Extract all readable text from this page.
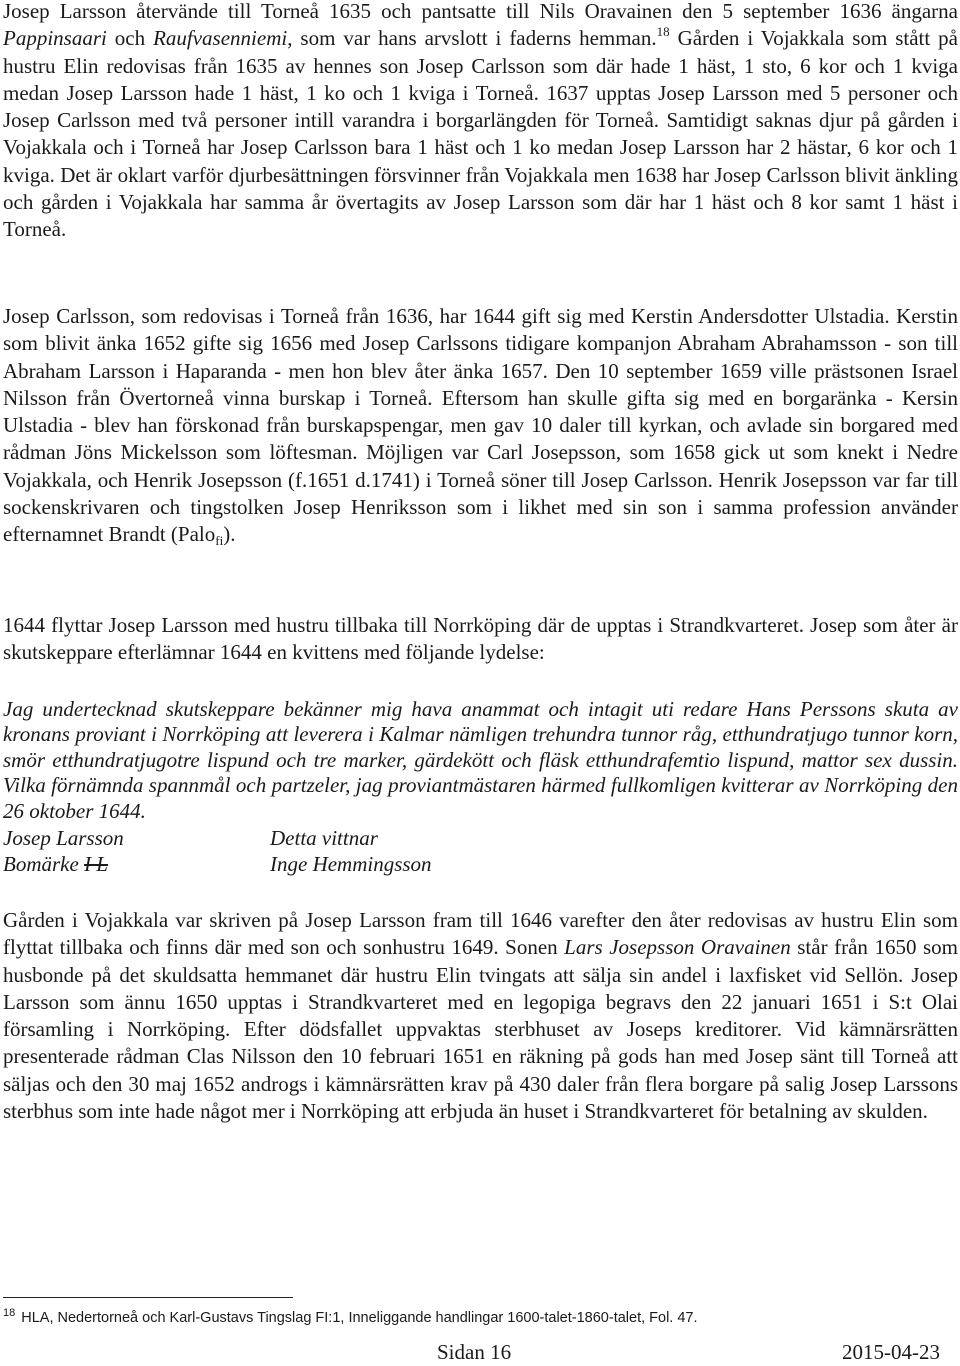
Josep Larsson återvände till Torneå 1635 och pantsatte till Nils Oravainen den 5 september 1636 ängarna Pappinsaari och Raufvasenniemi, som var hans arvslott i faderns hemman.$^{18}$ Gården i Vojakkala som stått på hustru Elin redovisas från 1635 av hennes son Josep Carlsson som där hade 1 häst, 1 sto, 6 kor och 1 kviga medan Josep Larsson hade 1 häst, 1 ko och 1 kviga i Torneå. 1637 upptas Josep Larsson med 5 personer och Josep Carlsson med två personer intill varandra i borgarlängden för Torneå. Samtidigt saknas djur på gården i Vojakkala och i Torneå har Josep Carlsson bara 1 häst och 1 ko medan Josep Larsson har 2 hästar, 6 kor och 1 kviga. Det är oklart varför djurbesättningen försvinner från Vojakkala men 1638 har Josep Carlsson blivit änkling och gården i Vojakkala har samma år övertagits av Josep Larsson som där har 1 häst och 8 kor samt 1 häst i Torneå.

Josep Carlsson, som redovisas i Torneå från 1636, har 1644 gift sig med Kerstin Andersdotter Ulstadia. Kerstin som blivit änka 1652 gifte sig 1656 med Josep Carlssons tidigare kompanjon Abraham Abrahamsson - son till Abraham Larsson i Haparanda - men hon blev åter änka 1657. Den 10 september 1659 ville prästsonen Israel Nilsson från Övertorneå vinna burskap i Torneå. Eftersom han skulle gifta sig med en borgaränka - Kersin Ulstadia - blev han förskonad från burskapspengar, men gav 10 daler till kyrkan, och avlade sin borgared med rådman Jöns Mickelsson som löftesman. Möjligen var Carl Josepsson, som 1658 gick ut som knekt i Nedre Vojakkala, och Henrik Josepsson (f.1651 d.1741) i Torneå söner till Josep Carlsson. Henrik Josepsson var far till sockenskrivaren och tingstolken Josep Henriksson som i likhet med sin son i samma profession använder efternamnet Brandt (Palo$_{fi}$).

1644 flyttar Josep Larsson med hustru tillbaka till Norrköping där de upptas i Strandkvarteret. Josep som åter är skutskeppare efterlämnar 1644 en kvittens med följande lydelse:

Jag undertecknad skutskeppare bekänner mig hava anammat och intagit uti redare Hans Perssons skuta av kronans proviant i Norrköping att leverera i Kalmar nämligen trehundra tunnor råg, etthundratjugo tunnor korn, smör etthundratjugotre lispund och tre marker, gärdekött och fläsk etthundrafemtio lispund, mattor sex dussin. Vilka förnämnda spannmål och partzeler, jag proviantmästaren härmed fullkomligen kvitterar av Norrköping den 26 oktober 1644.

Josep Larsson	Detta vittnar
Bomärke I L	Inge Hemmingsson

Gården i Vojakkala var skriven på Josep Larsson fram till 1646 varefter den åter redovisas av hustru Elin som flyttat tillbaka och finns där med son och sonhustru 1649. Sonen Lars Josepsson Oravainen står från 1650 som husbonde på det skuldsatta hemmanet där hustru Elin tvingats att sälja sin andel i laxfisket vid Sellön. Josep Larsson som ännu 1650 upptas i Strandkvarteret med en legopiga begravs den 22 januari 1651 i S:t Olai församling i Norrköping. Efter dödsfallet uppvaktas sterbhuset av Joseps kreditorer. Vid kämnärsrätten presenterade rådman Clas Nilsson den 10 februari 1651 en räkning på gods han med Josep sänt till Torneå att säljas och den 30 maj 1652 androgs i kämnärsrätten krav på 430 daler från flera borgare på salig Josep Larssons sterbhus som inte hade något mer i Norrköping att erbjuda än huset i Strandkvarteret för betalning av skulden.

$^{18}$ HLA, Nedertorneå och Karl-Gustavs Tingslag FI:1, Inneliggande handlingar 1600-talet-1860-talet, Fol. 47.
Sidan 16	2015-04-23
